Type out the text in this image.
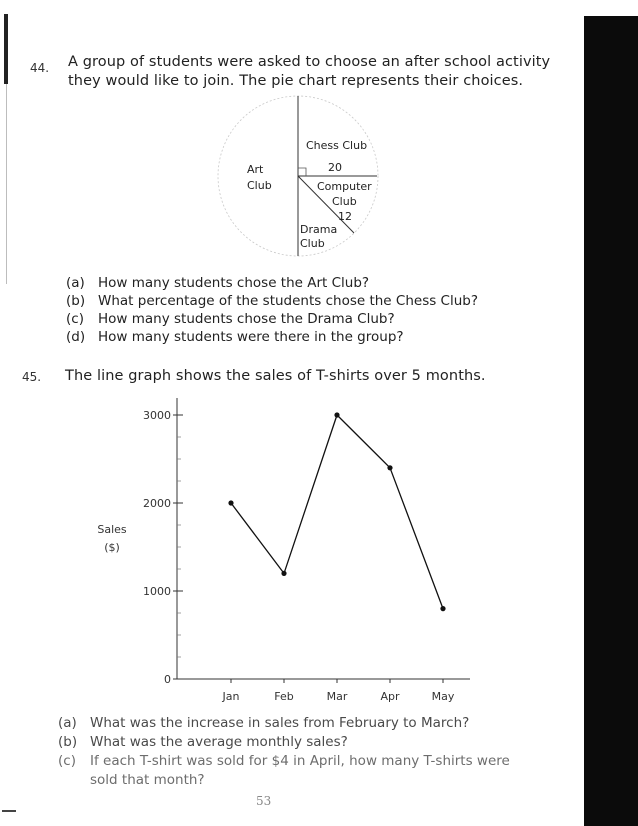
44. A group of students were asked to choose an after school activity
they would like to join. The pie chart represents their choices.
Art
Club
Chess Club
20
Computer
Club
12
Drama
Club
(a) How many students chose the Art Club?
(b) What percentage of the students chose the Chess Club?
(c) How many students chose the Drama Club?
(d) How many students were there in the group?
45. The line graph shows the sales of T-shirts over 5 months.
Sales
($)
0
1000
2000
3000
Jan	Feb	Mar	Apr	May
(a) What was the increase in sales from February to March?
(b) What was the average monthly sales?
(c) If each T-shirt was sold for $4 in April, how many T-shirts were
sold that month?
53
